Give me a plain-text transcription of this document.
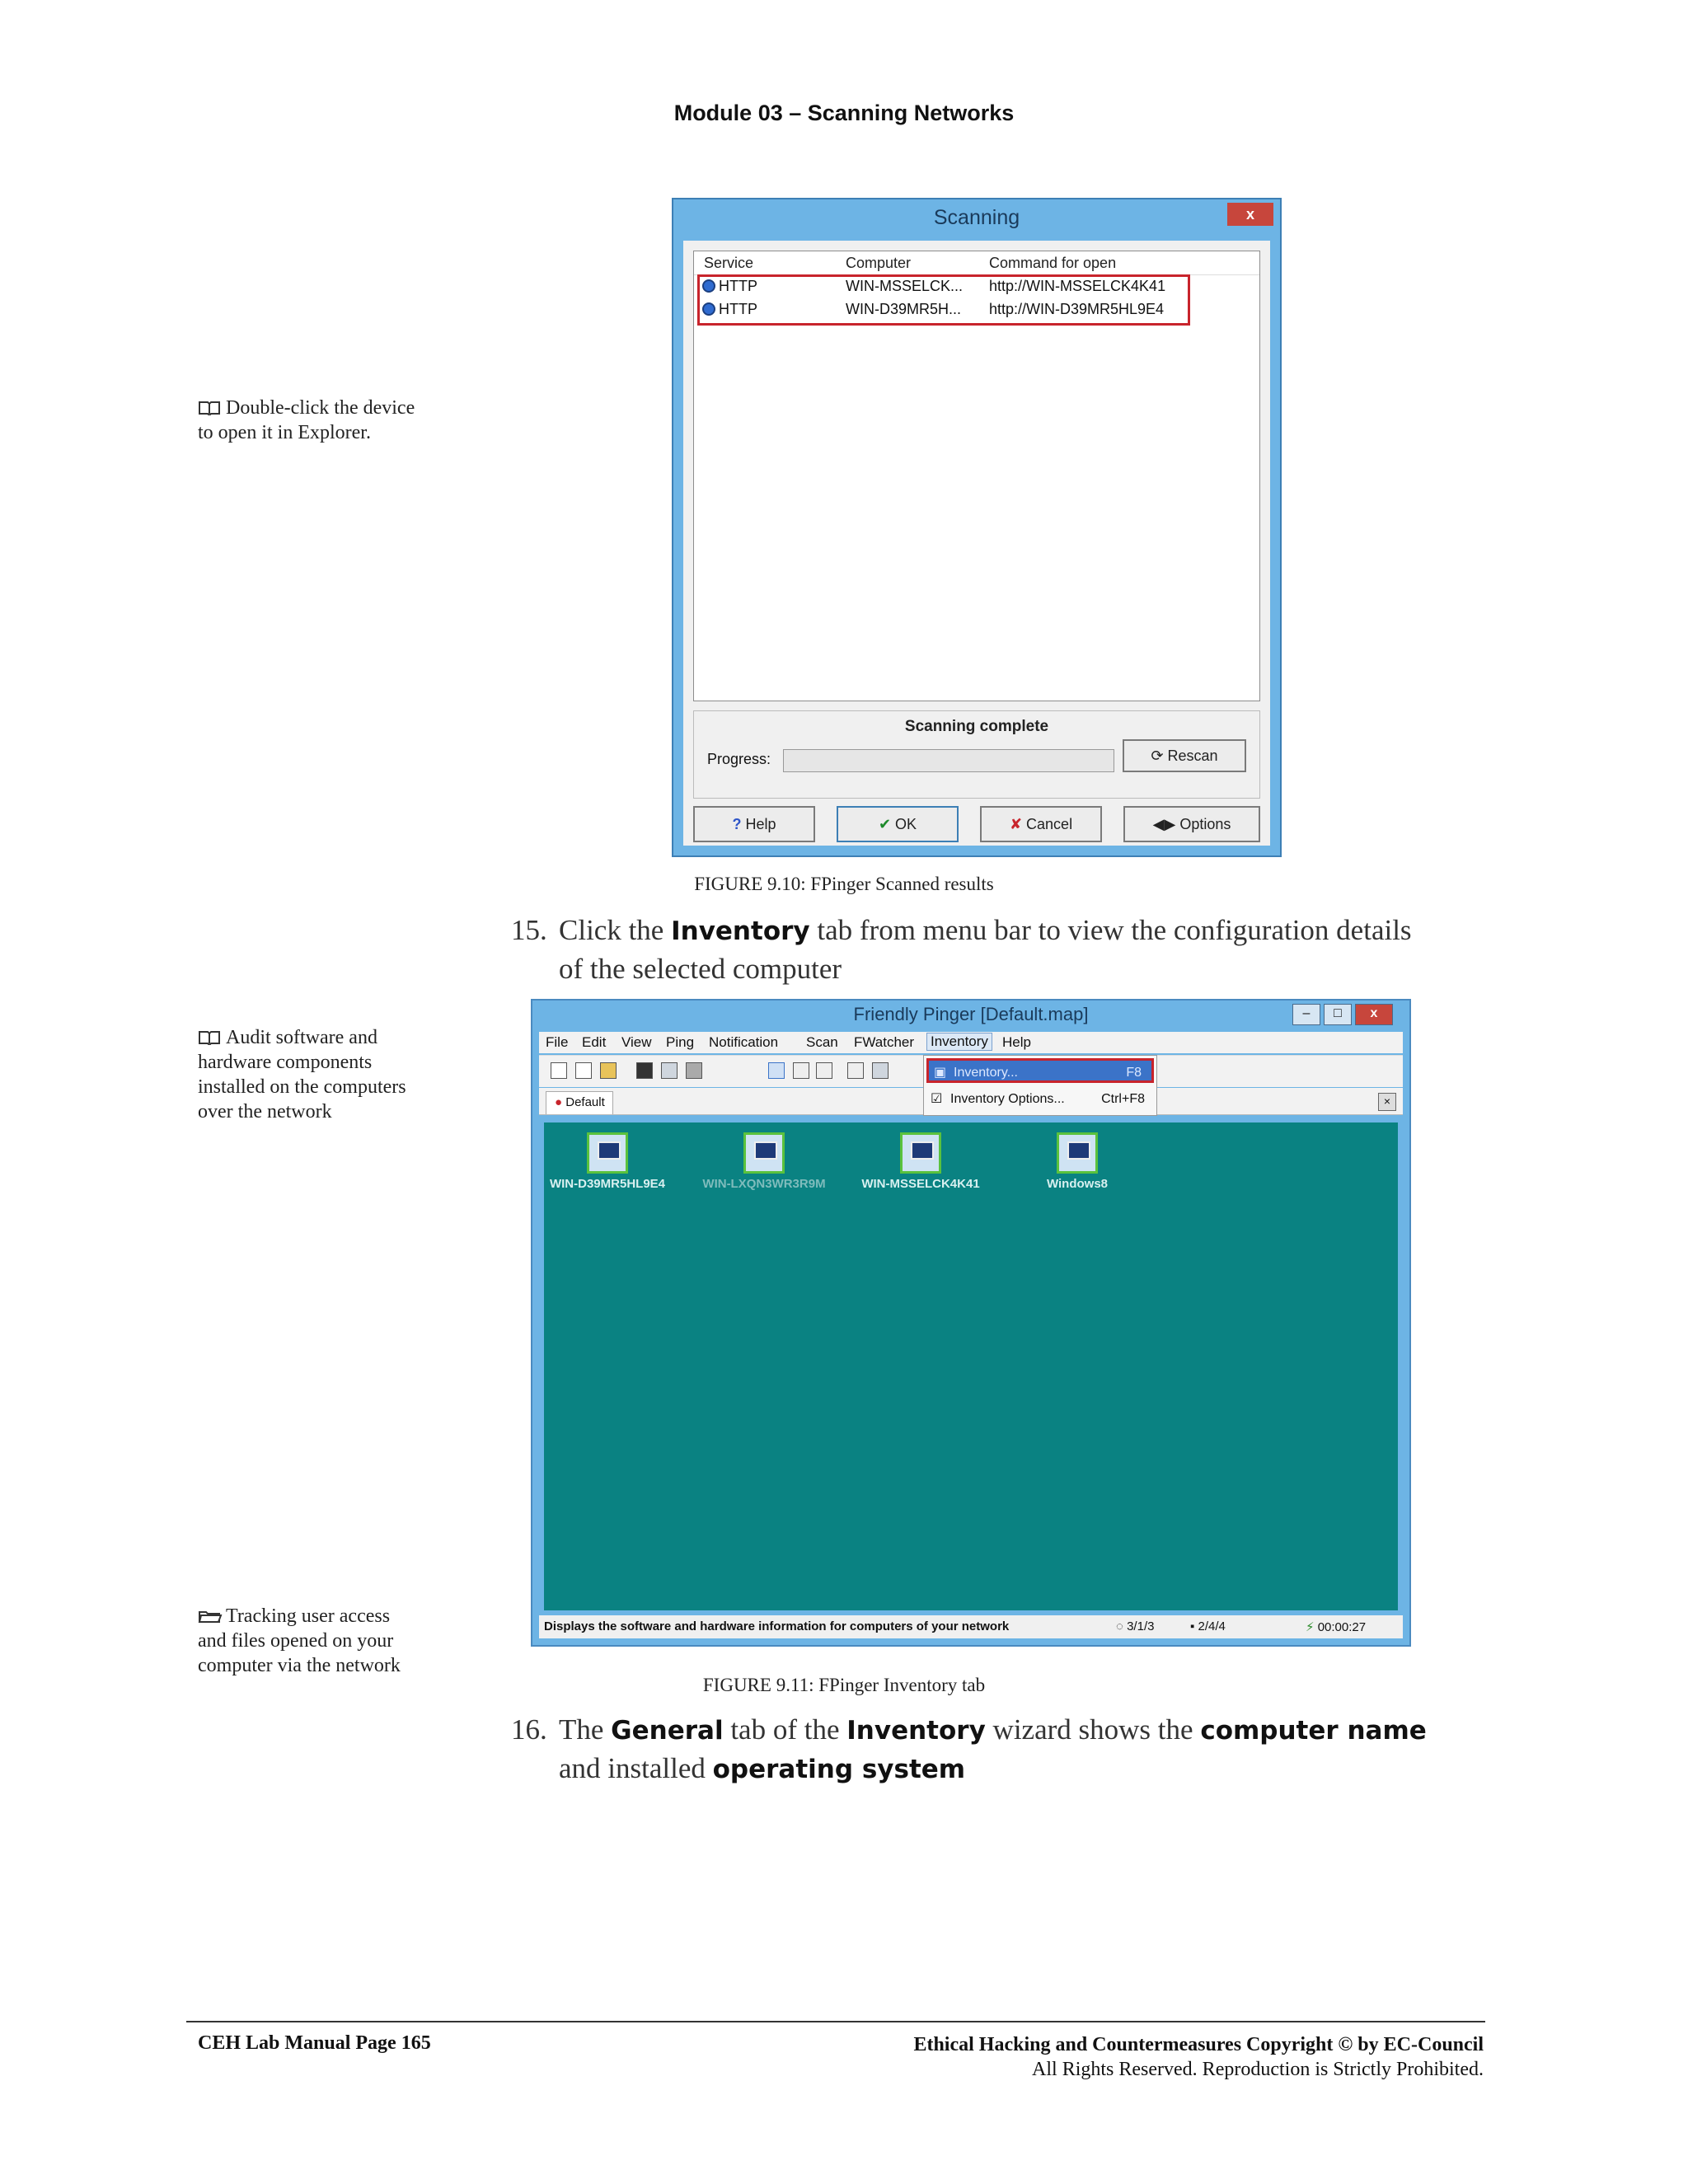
Module 03 – Scanning Networks
Double-click the device
to open it in Explorer.
Audit software and
hardware components
installed on the computers
over the network
Tracking user access
and files opened on your
computer via the network
Scanning	x
Service	Computer	Command for open
HTTP	WIN-MSSELCK... http://WIN-MSSELCK4K41
HTTP	WIN-D39MR5H... http://WIN-D39MR5HL9E4
Scanning complete
Progress:	⟳ Rescan
? Help	✔ OK	✘ Cancel	◀▶ Options
FIGURE 9.10: FPinger Scanned results
15. Click the Inventory tab from menu bar to view the configuration details
of the selected computer
Friendly Pinger [Default.map]	–	□	x
File Edit View Ping Notification Scan FWatcher Inventory Help
● Default	×
▣ Inventory...	F8
☑ Inventory Options...	Ctrl+F8
WIN-D39MR5HL9E4	WIN-LXQN3WR3R9M	WIN-MSSELCK4K41	Windows8
Displays the software and hardware information for computers of your network	◌ 3/1/3	▪ 2/4/4	⚡ 00:00:27
FIGURE 9.11: FPinger Inventory tab
16. The General tab of the Inventory wizard shows the computer name
and installed operating system
CEH Lab Manual Page 165	Ethical Hacking and Countermeasures Copyright © by EC-Council
All Rights Reserved. Reproduction is Strictly Prohibited.
